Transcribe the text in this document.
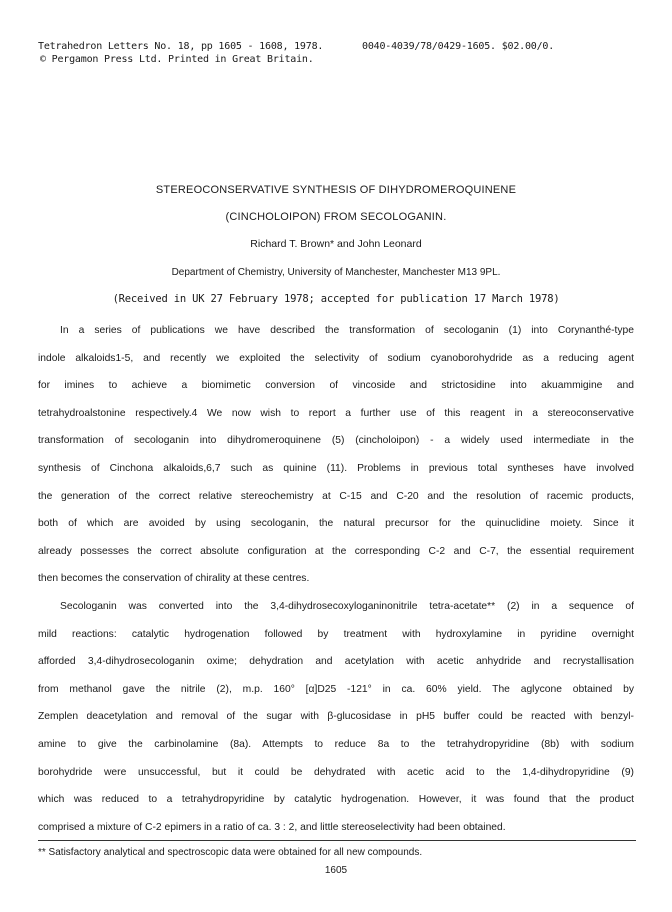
Tetrahedron Letters No. 18, pp 1605 - 1608, 1978.	0040-4039/78/0429-1605. $02.00/0.
© Pergamon Press Ltd. Printed in Great Britain.
STEREOCONSERVATIVE SYNTHESIS OF DIHYDROMEROQUINENE
(CINCHOLOIPON) FROM SECOLOGANIN.
Richard T. Brown* and John Leonard
Department of Chemistry, University of Manchester, Manchester M13 9PL.
(Received in UK 27 February 1978; accepted for publication 17 March 1978)
In a series of publications we have described the transformation of secologanin (1) into Corynanthé-type
indole alkaloids1-5, and recently we exploited the selectivity of sodium cyanoborohydride as a reducing agent
for imines to achieve a biomimetic conversion of vincoside and strictosidine into akuammigine and
tetrahydroalstonine respectively.4 We now wish to report a further use of this reagent in a stereoconservative
transformation of secologanin into dihydromeroquinene (5) (cincholoipon) - a widely used intermediate in the
synthesis of Cinchona alkaloids,6,7 such as quinine (11). Problems in previous total syntheses have involved
the generation of the correct relative stereochemistry at C-15 and C-20 and the resolution of racemic products,
both of which are avoided by using secologanin, the natural precursor for the quinuclidine moiety. Since it
already possesses the correct absolute configuration at the corresponding C-2 and C-7, the essential requirement
then becomes the conservation of chirality at these centres.
Secologanin was converted into the 3,4-dihydrosecoxyloganinonitrile tetra-acetate** (2) in a sequence of
mild reactions: catalytic hydrogenation followed by treatment with hydroxylamine in pyridine overnight
afforded 3,4-dihydrosecologanin oxime; dehydration and acetylation with acetic anhydride and recrystallisation
from methanol gave the nitrile (2), m.p. 160° [α]D25 -121° in ca. 60% yield. The aglycone obtained by
Zemplen deacetylation and removal of the sugar with β-glucosidase in pH5 buffer could be reacted with benzyl-
amine to give the carbinolamine (8a). Attempts to reduce 8a to the tetrahydropyridine (8b) with sodium
borohydride were unsuccessful, but it could be dehydrated with acetic acid to the 1,4-dihydropyridine (9)
which was reduced to a tetrahydropyridine by catalytic hydrogenation. However, it was found that the product
comprised a mixture of C-2 epimers in a ratio of ca. 3 : 2, and little stereoselectivity had been obtained.
** Satisfactory analytical and spectroscopic data were obtained for all new compounds.
1605
